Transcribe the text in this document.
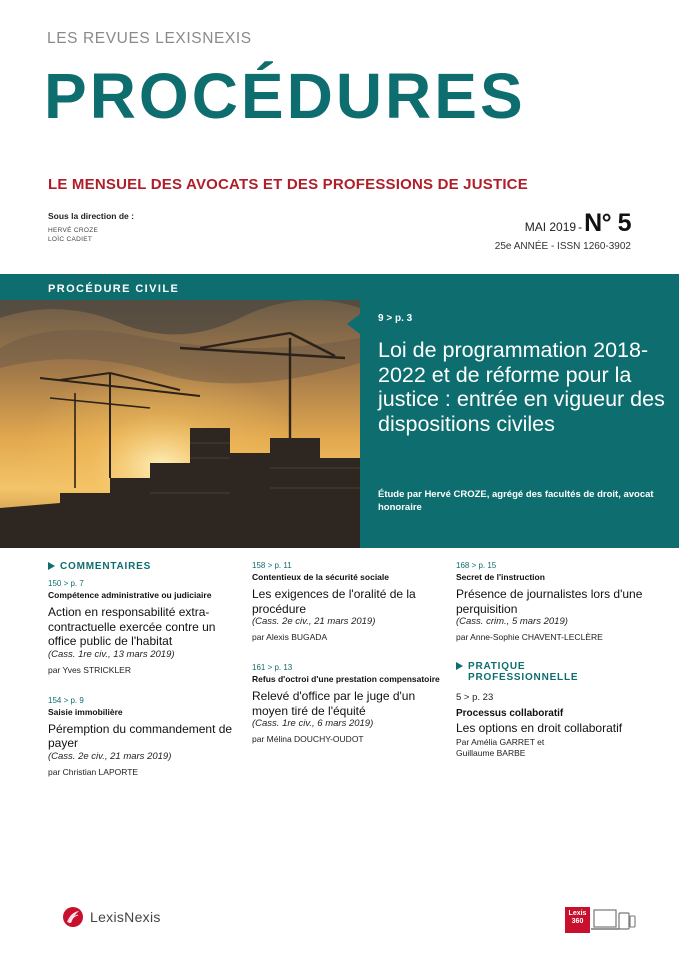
LES REVUES LEXISNEXIS
PROCÉDURES
LE MENSUEL DES AVOCATS ET DES PROFESSIONS DE JUSTICE
Sous la direction de :
HERVÉ CROZE
LOÏC CADIET
MAI 2019 - N° 5
25e ANNÉE - ISSN 1260-3902
PROCÉDURE CIVILE
9 > p. 3
Loi de programmation 2018-2022 et de réforme pour la justice : entrée en vigueur des dispositions civiles
Étude par Hervé CROZE, agrégé des facultés de droit, avocat honoraire
COMMENTAIRES
150 > p. 7
Compétence administrative ou judiciaire
Action en responsabilité extra-contractuelle exercée contre un office public de l'habitat
(Cass. 1re civ., 13 mars 2019)
par Yves STRICKLER
154 > p. 9
Saisie immobilière
Péremption du commandement de payer
(Cass. 2e civ., 21 mars 2019)
par Christian LAPORTE
158 > p. 11
Contentieux de la sécurité sociale
Les exigences de l'oralité de la procédure
(Cass. 2e civ., 21 mars 2019)
par Alexis BUGADA
161 > p. 13
Refus d'octroi d'une prestation compensatoire
Relevé d'office par le juge d'un moyen tiré de l'équité
(Cass. 1re civ., 6 mars 2019)
par Mélina DOUCHY-OUDOT
168 > p. 15
Secret de l'instruction
Présence de journalistes lors d'une perquisition
(Cass. crim., 5 mars 2019)
par Anne-Sophie CHAVENT-LECLÈRE
PRATIQUE PROFESSIONNELLE
5 > p. 23
Processus collaboratif
Les options en droit collaboratif
Par Amélia GARRET et Guillaume BARBE
LexisNexis	Lexis 360
